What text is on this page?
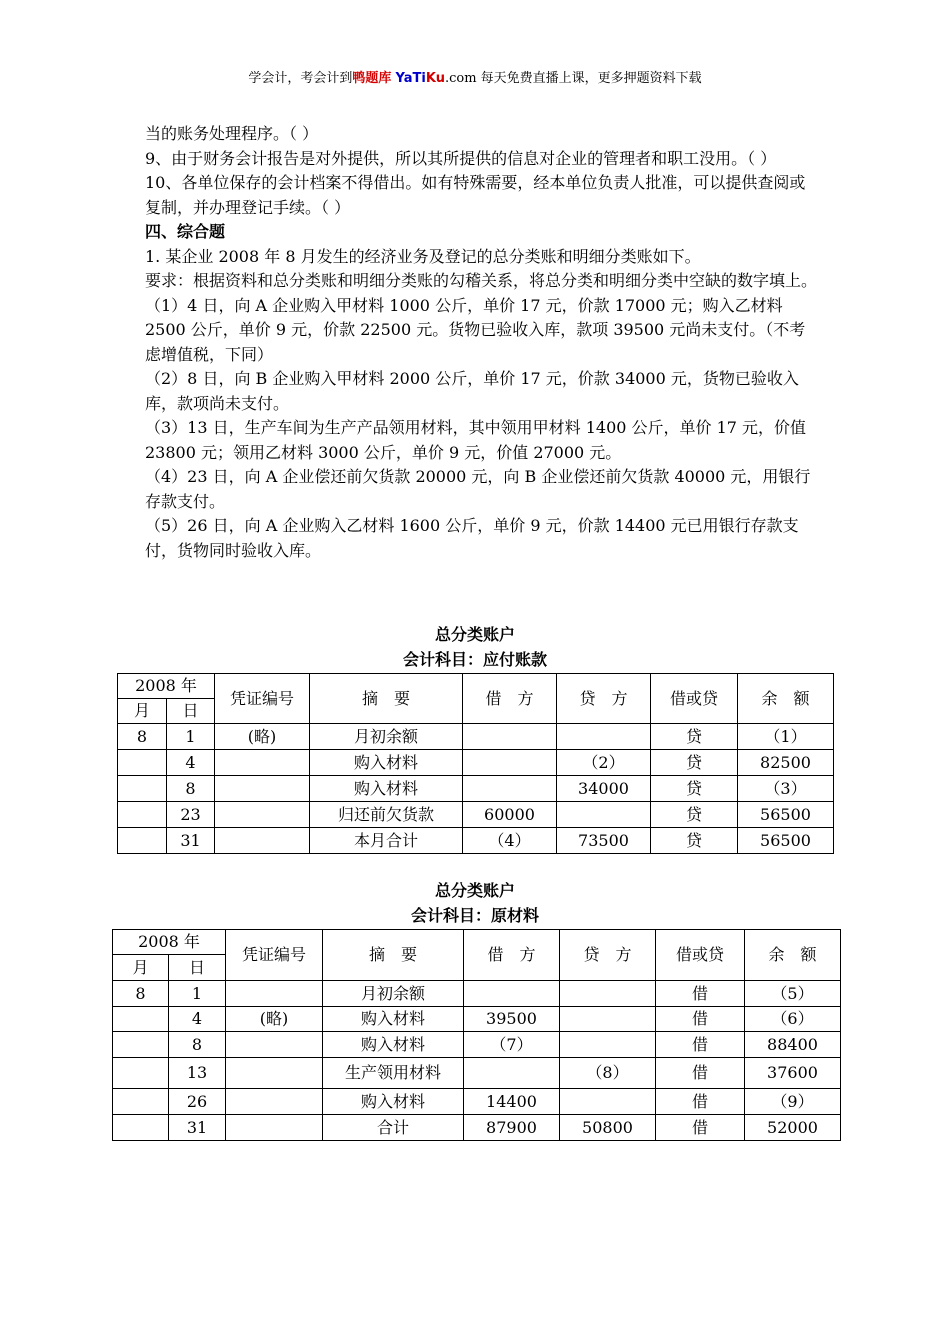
学会计，考会计到鸭题库 YaTiKu.com 每天免费直播上课，更多押题资料下载

当的账务处理程序。（ ）

9、由于财务会计报告是对外提供，所以其所提供的信息对企业的管理者和职工没用。（ ）

10、各单位保存的会计档案不得借出。如有特殊需要，经本单位负责人批准，可以提供查阅或复制，并办理登记手续。（ ）

四、综合题

1. 某企业 2008 年 8 月发生的经济业务及登记的总分类账和明细分类账如下。

要求：根据资料和总分类账和明细分类账的勾稽关系，将总分类和明细分类中空缺的数字填上。

（1）4 日，向 A 企业购入甲材料 1000 公斤，单价 17 元，价款 17000 元；购入乙材料 2500 公斤，单价 9 元，价款 22500 元。货物已验收入库，款项 39500 元尚未支付。（不考虑增值税，下同）

（2）8 日，向 B 企业购入甲材料 2000 公斤，单价 17 元，价款 34000 元，货物已验收入库，款项尚未支付。

（3）13 日，生产车间为生产产品领用材料，其中领用甲材料 1400 公斤，单价 17 元，价值 23800 元；领用乙材料 3000 公斤，单价 9 元，价值 27000 元。

（4）23 日，向 A 企业偿还前欠货款 20000 元，向 B 企业偿还前欠货款 40000 元，用银行存款支付。

（5）26 日，向 A 企业购入乙材料 1600 公斤，单价 9 元，价款 14400 元已用银行存款支付，货物同时验收入库。

总分类账户
会计科目：应付账款
2008 年		凭证编号	摘　要	借　方	贷　方	借或贷	余　额
月	日						
8	1	(略)	月初余额			贷	（1）
	4		购入材料		（2）	贷	82500
	8		购入材料		34000	贷	（3）
	23		归还前欠货款	60000		贷	56500
	31		本月合计	（4）	73500	贷	56500
总分类账户
会计科目：原材料
2008 年		凭证编号	摘　要	借　方	贷　方	借或贷	余　额
月	日						
8	1		月初余额			借	（5）
	4	(略)	购入材料	39500		借	（6）
	8		购入材料	（7）		借	88400
	13		生产领用材料		（8）	借	37600
	26		购入材料	14400		借	（9）
	31		合计	87900	50800	借	52000
